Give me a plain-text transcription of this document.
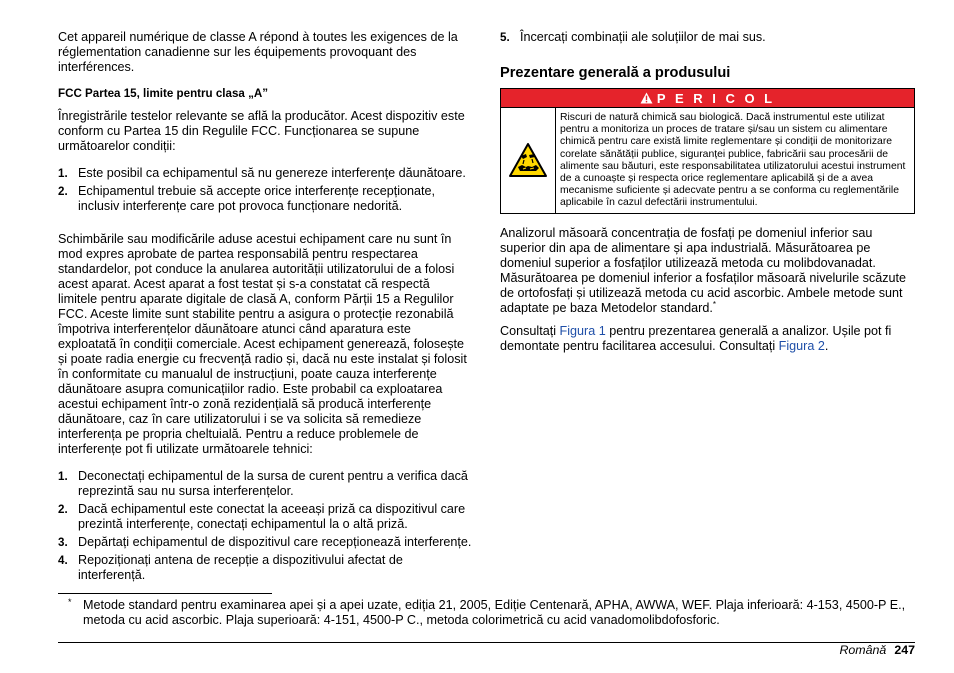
Cet appareil numérique de classe A répond à toutes les exigences de la réglementation canadienne sur les équipements provoquant des interférences.

FCC Partea 15, limite pentru clasa „A”

Înregistrările testelor relevante se află la producător. Acest dispozitiv este conform cu Partea 15 din Regulile FCC. Funcționarea se supune următoarelor condiții:

1. Este posibil ca echipamentul să nu genereze interferențe dăunătoare.
2. Echipamentul trebuie să accepte orice interferențe recepționate, inclusiv interferențe care pot provoca funcționare nedorită.

Schimbările sau modificările aduse acestui echipament care nu sunt în mod expres aprobate de partea responsabilă pentru respectarea standardelor, pot conduce la anularea autorității utilizatorului de a folosi acest aparat. Acest aparat a fost testat și s-a constatat că respectă limitele pentru aparate digitale de clasă A, conform Părții 15 a Regulilor FCC. Aceste limite sunt stabilite pentru a asigura o protecție rezonabilă împotriva interferențelor dăunătoare atunci când aparatura este exploatată în condiții comerciale. Acest echipament generează, folosește și poate radia energie cu frecvență radio și, dacă nu este instalat și folosit în conformitate cu manualul de instrucțiuni, poate cauza interferențe dăunătoare asupra comunicațiilor radio. Este probabil ca exploatarea acestui echipament într-o zonă rezidențială să producă interferențe dăunătoare, caz în care utilizatorului i se va solicita să remedieze interferența pe propria cheltuială. Pentru a reduce problemele de interferențe pot fi utilizate următoarele tehnici:

1. Deconectați echipamentul de la sursa de curent pentru a verifica dacă reprezintă sau nu sursa interferențelor.
2. Dacă echipamentul este conectat la aceeași priză ca dispozitivul care prezintă interferențe, conectați echipamentul la o altă priză.
3. Depărtați echipamentul de dispozitivul care recepționează interferențe.
4. Repoziționați antena de recepție a dispozitivului afectat de interferență.
5. Încercați combinații ale soluțiilor de mai sus.
Prezentare generală a produsului
P E R I C O L
Riscuri de natură chimică sau biologică. Dacă instrumentul este utilizat pentru a monitoriza un proces de tratare și/sau un sistem cu alimentare chimică pentru care există limite reglementare și condiții de monitorizare corelate sănătății publice, siguranței publice, fabricării sau procesării de alimente sau băuturi, este responsabilitatea utilizatorului acestui instrument de a cunoaște și respecta orice reglementare aplicabilă și de a avea mecanisme suficiente și adecvate pentru a se conforma cu reglementările aplicabile în cazul defectării instrumentului.

Analizorul măsoară concentrația de fosfați pe domeniul inferior sau superior din apa de alimentare și apa industrială. Măsurătoarea pe domeniul superior a fosfaților utilizează metoda cu molibdovanadat. Măsurătoarea pe domeniul inferior a fosfaților măsoară nivelurile scăzute de ortofosfați și utilizează metoda cu acid ascorbic. Ambele metode sunt adaptate pe baza Metodelor standard.*

Consultați Figura 1 pentru prezentarea generală a analizor. Ușile pot fi demontate pentru facilitarea accesului. Consultați Figura 2.

* Metode standard pentru examinarea apei și a apei uzate, ediția 21, 2005, Ediție Centenară, APHA, AWWA, WEF. Plaja inferioară: 4-153, 4500-P E., metoda cu acid ascorbic. Plaja superioară: 4-151, 4500-P C., metoda colorimetrică cu acid vanadomolibdofosforic.
Română 247
